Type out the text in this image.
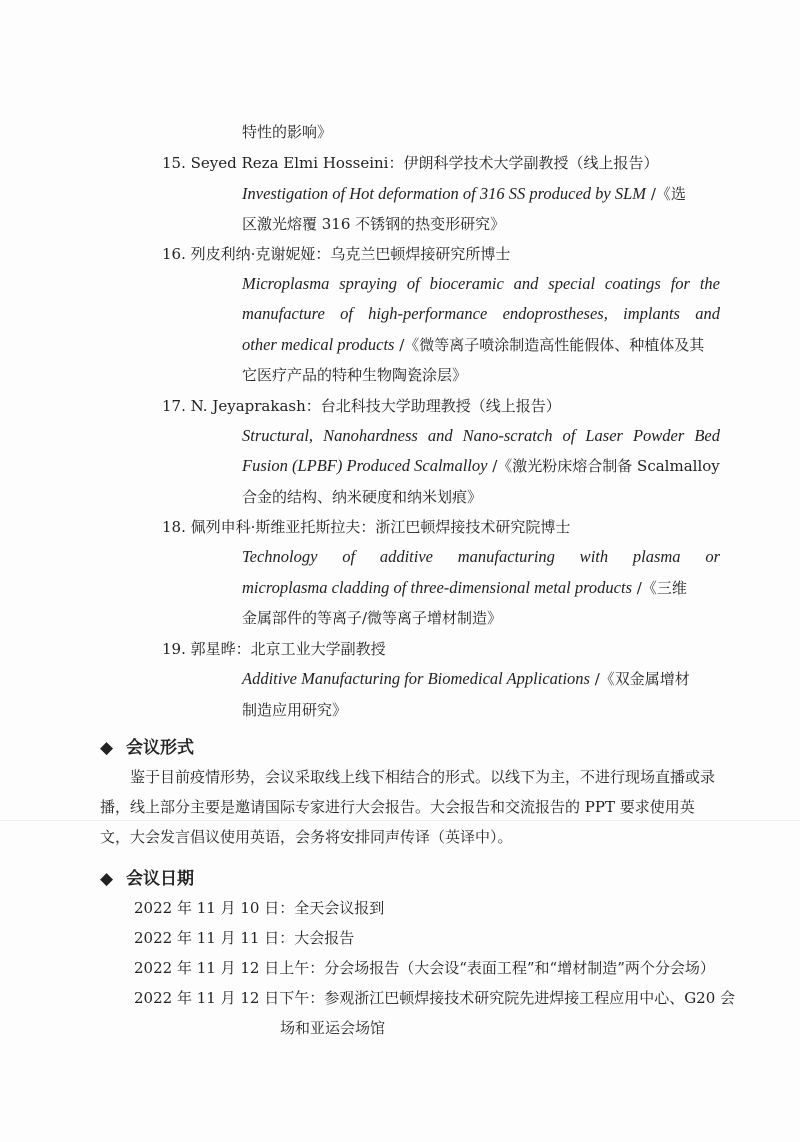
特性的影响》
15. Seyed Reza Elmi Hosseini：伊朗科学技术大学副教授（线上报告）
Investigation of Hot deformation of 316 SS produced by SLM /《选
区激光熔覆 316 不锈钢的热变形研究》
16. 列皮利纳·克谢妮娅：乌克兰巴顿焊接研究所博士
Microplasma spraying of bioceramic and special coatings for the
manufacture of high-performance endoprostheses, implants and
other medical products /《微等离子喷涂制造高性能假体、种植体及其
它医疗产品的特种生物陶瓷涂层》
17. N. Jeyaprakash：台北科技大学助理教授（线上报告）
Structural, Nanohardness and Nano-scratch of Laser Powder Bed
Fusion (LPBF) Produced Scalmalloy /《激光粉床熔合制备 Scalmalloy
合金的结构、纳米硬度和纳米划痕》
18. 佩列申科·斯维亚托斯拉夫：浙江巴顿焊接技术研究院博士
Technology of additive manufacturing with plasma or
microplasma cladding of three-dimensional metal products /《三维
金属部件的等离子/微等离子增材制造》
19. 郭星晔：北京工业大学副教授
Additive Manufacturing for Biomedical Applications /《双金属增材
制造应用研究》
◆ 会议形式
鉴于目前疫情形势，会议采取线上线下相结合的形式。以线下为主，不进行现场直播或录播，线上部分主要是邀请国际专家进行大会报告。大会报告和交流报告的 PPT 要求使用英文，大会发言倡议使用英语，会务将安排同声传译（英译中）。
◆ 会议日期
2022 年 11 月 10 日：全天会议报到
2022 年 11 月 11 日：大会报告
2022 年 11 月 12 日上午：分会场报告（大会设“表面工程”和“增材制造”两个分会场）
2022 年 11 月 12 日下午：参观浙江巴顿焊接技术研究院先进焊接工程应用中心、G20 会
场和亚运会场馆
